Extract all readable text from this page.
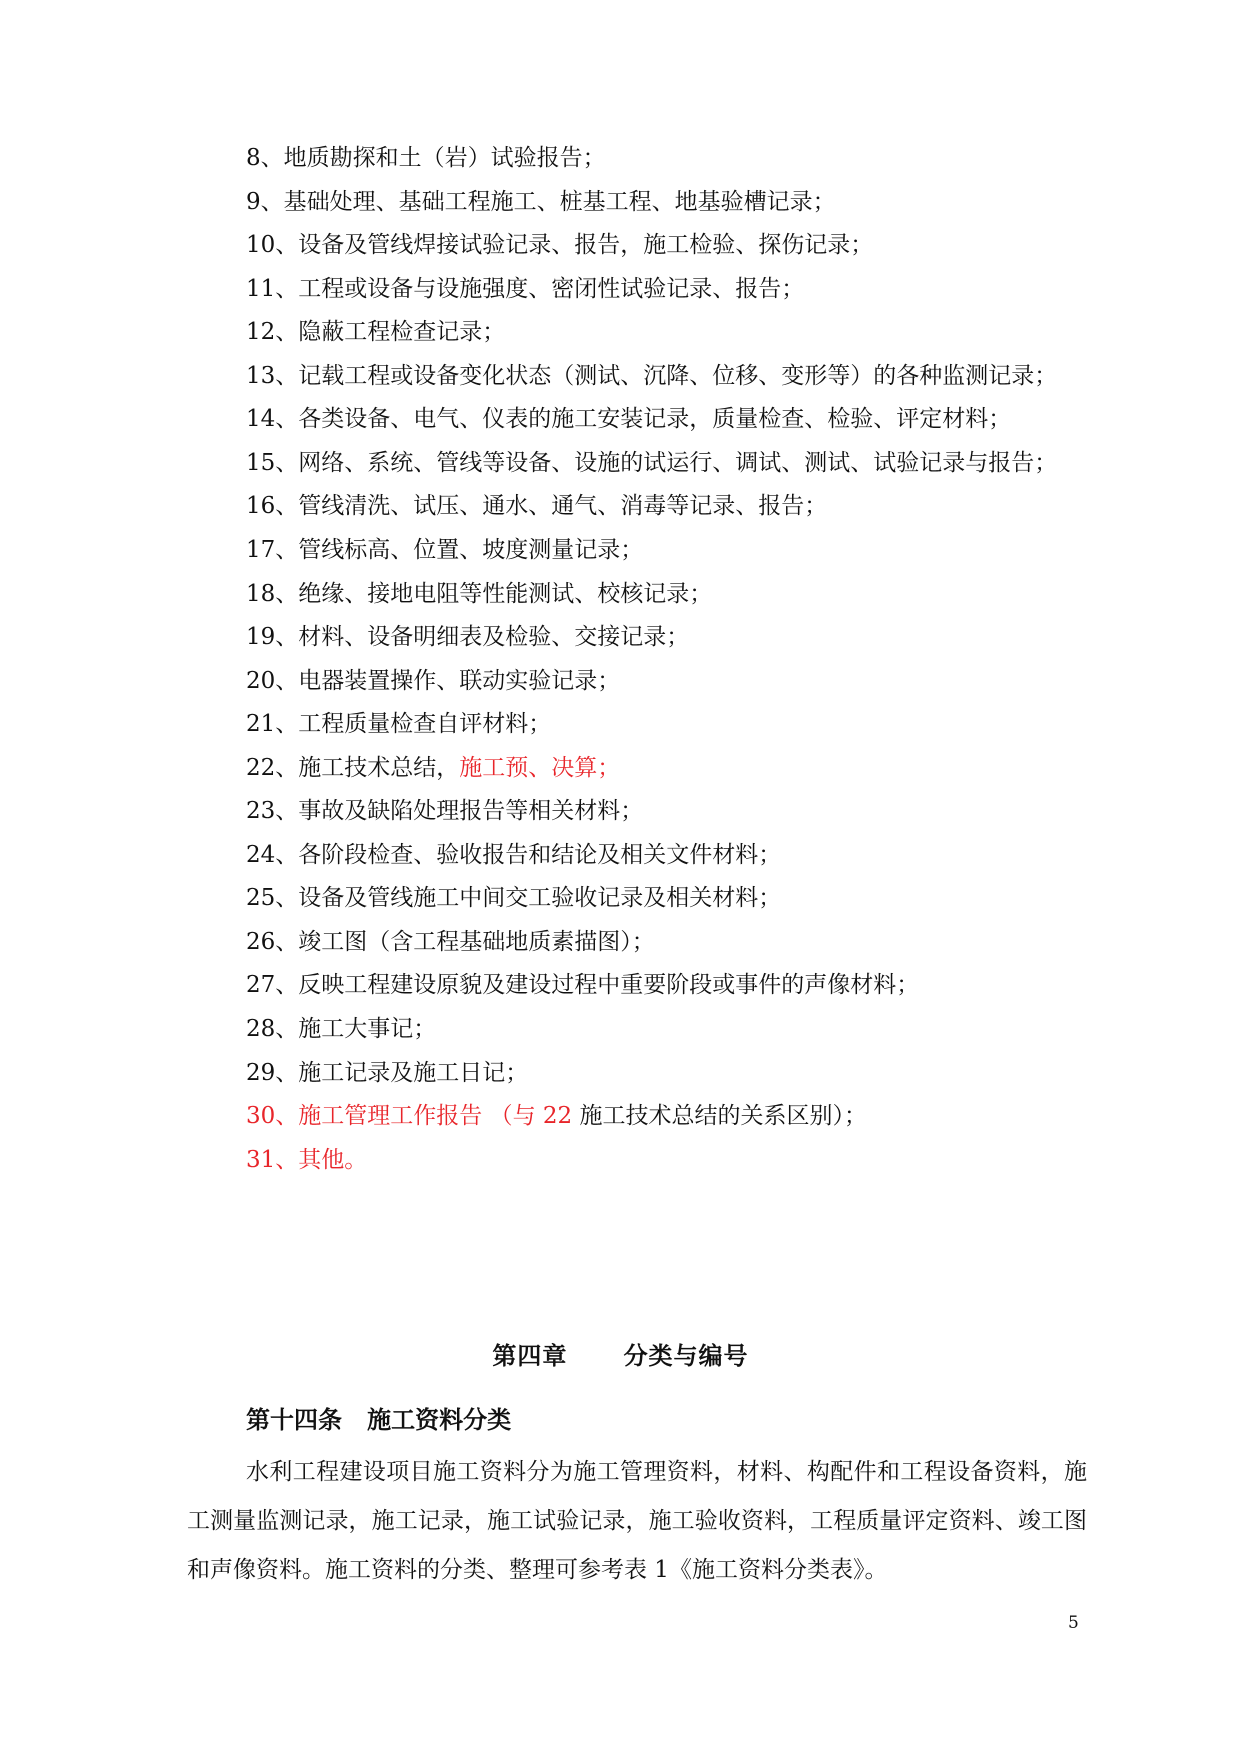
8、地质勘探和土（岩）试验报告；
9、基础处理、基础工程施工、桩基工程、地基验槽记录；
10、设备及管线焊接试验记录、报告，施工检验、探伤记录；
11、工程或设备与设施强度、密闭性试验记录、报告；
12、隐蔽工程检查记录；
13、记载工程或设备变化状态（测试、沉降、位移、变形等）的各种监测记录；
14、各类设备、电气、仪表的施工安装记录，质量检查、检验、评定材料；
15、网络、系统、管线等设备、设施的试运行、调试、测试、试验记录与报告；
16、管线清洗、试压、通水、通气、消毒等记录、报告；
17、管线标高、位置、坡度测量记录；
18、绝缘、接地电阻等性能测试、校核记录；
19、材料、设备明细表及检验、交接记录；
20、电器装置操作、联动实验记录；
21、工程质量检查自评材料；
22、施工技术总结，施工预、决算；
23、事故及缺陷处理报告等相关材料；
24、各阶段检查、验收报告和结论及相关文件材料；
25、设备及管线施工中间交工验收记录及相关材料；
26、竣工图（含工程基础地质素描图）；
27、反映工程建设原貌及建设过程中重要阶段或事件的声像材料；
28、施工大事记；
29、施工记录及施工日记；
30、施工管理工作报告 （与 22 施工技术总结的关系区别）；
31、其他。
第四章 分类与编号
第十四条 施工资料分类
水利工程建设项目施工资料分为施工管理资料，材料、构配件和工程设备资料，施工测量监测记录，施工记录，施工试验记录，施工验收资料，工程质量评定资料、竣工图和声像资料。施工资料的分类、整理可参考表 1《施工资料分类表》。
5
